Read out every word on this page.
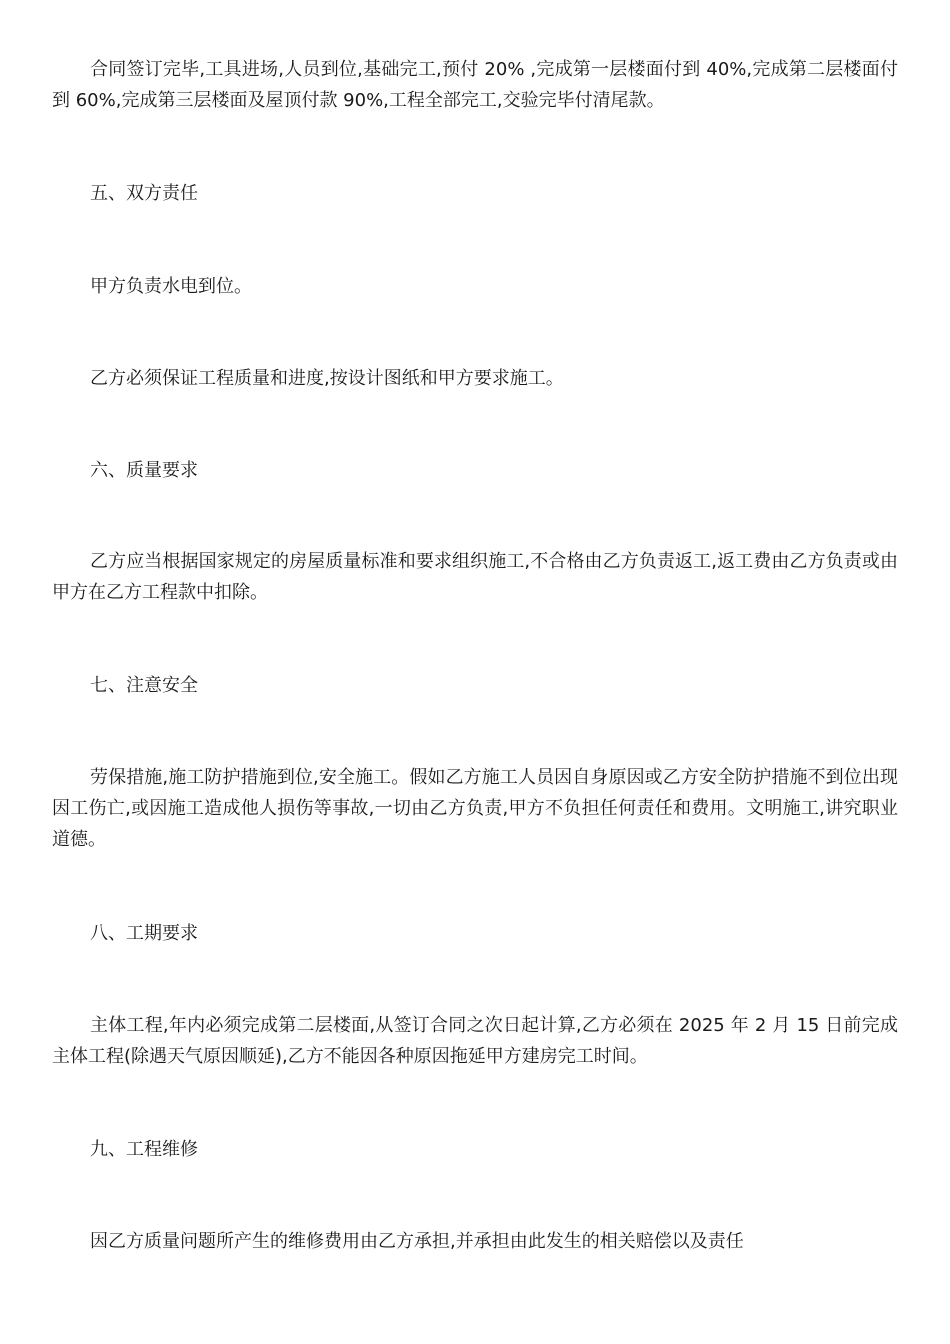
合同签订完毕,工具进场,人员到位,基础完工,预付 20% ,完成第一层楼面付到 40%,完成第二层楼面付到 60%,完成第三层楼面及屋顶付款 90%,工程全部完工,交验完毕付清尾款。

五、双方责任

甲方负责水电到位。

乙方必须保证工程质量和进度,按设计图纸和甲方要求施工。

六、质量要求

乙方应当根据国家规定的房屋质量标准和要求组织施工,不合格由乙方负责返工,返工费由乙方负责或由甲方在乙方工程款中扣除。

七、注意安全

劳保措施,施工防护措施到位,安全施工。假如乙方施工人员因自身原因或乙方安全防护措施不到位出现因工伤亡,或因施工造成他人损伤等事故,一切由乙方负责,甲方不负担任何责任和费用。文明施工,讲究职业道德。

八、工期要求

主体工程,年内必须完成第二层楼面,从签订合同之次日起计算,乙方必须在 2025 年 2 月 15 日前完成主体工程(除遇天气原因顺延),乙方不能因各种原因拖延甲方建房完工时间。

九、工程维修

因乙方质量问题所产生的维修费用由乙方承担,并承担由此发生的相关赔偿以及责任
